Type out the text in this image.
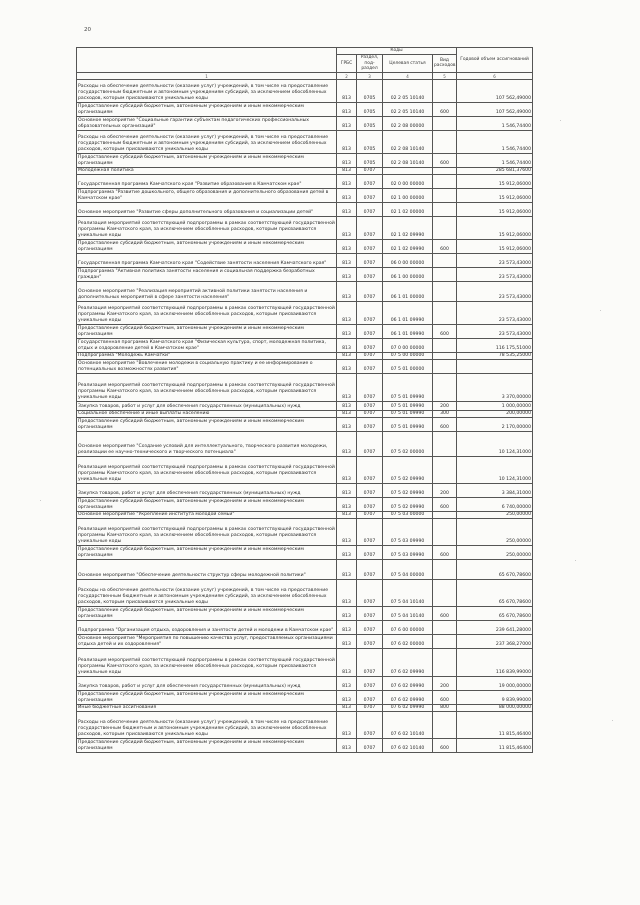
20
	Коды				Годовой объем ассигнований
	ГРБС	Раздел, под-раздел	Целевая статья	Вид расходов	
1	2	3	4	5	6
Расходы на обеспечение деятельности (оказание услуг) учреждений, в том числе на предоставление государственным бюджетным и автономным учреждениям субсидий, за исключением обособленных расходов, которым присваиваются уникальные коды	813	0705	02 2 05 10140		107 562,49000
Предоставление субсидий бюджетным, автономным учреждениям и иным некоммерческим организациям	813	0705	02 2 05 10140	600	107 562,49000
Основное мероприятие "Социальные гарантии субъектам педагогических профессиональных образовательных организаций"	813	0705	02 2 08 00000		1 546,74400
Расходы на обеспечение деятельности (оказание услуг) учреждений, в том числе на предоставление государственным бюджетным и автономным учреждениям субсидий, за исключением обособленных расходов, которым присваиваются уникальные коды	813	0705	02 2 08 10140		1 546,74400
Предоставление субсидий бюджетным, автономным учреждениям и иным некоммерческим организациям	813	0705	02 2 08 10140	600	1 546,74400
Молодежная политика	813	0707			285 681,37600
Государственная программа Камчатского края "Развитие образования в Камчатском крае"	813	0707	02 0 00 00000		15 912,06000
Подпрограмма "Развитие дошкольного, общего образования и дополнительного образования детей в Камчатском крае"	813	0707	02 1 00 00000		15 912,06000
Основное мероприятие "Развитие сферы дополнительного образования и социализации детей"	813	0707	02 1 02 00000		15 912,06000
Реализация мероприятий соответствующей подпрограммы в рамках соответствующей государственной программы Камчатского края, за исключением обособленных расходов, которым присваиваются уникальные коды	813	0707	02 1 02 09990		15 912,06000
Предоставление субсидий бюджетным, автономным учреждениям и иным некоммерческим организациям	813	0707	02 1 02 09990	600	15 912,06000
Государственная программа Камчатского края "Содействие занятости населения Камчатского края"	813	0707	06 0 00 00000		23 573,43000
Подпрограмма "Активная политика занятости населения и социальная поддержка безработных граждан"	813	0707	06 1 00 00000		23 573,43000
Основное мероприятие "Реализация мероприятий активной политики занятости населения и дополнительных мероприятий в сфере занятости населения"	813	0707	06 1 01 00000		23 573,43000
Реализация мероприятий соответствующей подпрограммы в рамках соответствующей государственной программы Камчатского края, за исключением обособленных расходов, которым присваиваются уникальные коды	813	0707	06 1 01 09990		23 573,43000
Предоставление субсидий бюджетным, автономным учреждениям и иным некоммерческим организациям	813	0707	06 1 01 09990	600	23 573,43000
Государственная программа Камчатского края "Физическая культура, спорт, молодежная политика, отдых и оздоровление детей в Камчатском крае"	813	0707	07 0 00 00000		116 175,51000
Подпрограмма "Молодежь Камчатки"	813	0707	07 5 00 00000		78 535,25000
Основное мероприятие "Вовлечение молодежи в социальную практику и ее информирование о потенциальных возможностях развития"	813	0707	07 5 01 00000		
Реализация мероприятий соответствующей подпрограммы в рамках соответствующей государственной программы Камчатского края, за исключением обособленных расходов, которым присваиваются уникальные коды	813	0707	07 5 01 09990		3 370,00000
Закупка товаров, работ и услуг для обеспечения государственных (муниципальных) нужд	813	0707	07 5 01 09990	200	1 000,00000
Социальное обеспечение и иные выплаты населению	813	0707	07 5 01 09990	300	200,00000
Предоставление субсидий бюджетным, автономным учреждениям и иным некоммерческим организациям	813	0707	07 5 01 09990	600	2 170,00000
Основное мероприятие "Создание условий для интеллектуального, творческого развития молодежи, реализации ее научно-технического и творческого потенциала"	813	0707	07 5 02 00000		10 124,31000
Реализация мероприятий соответствующей подпрограммы в рамках соответствующей государственной программы Камчатского края, за исключением обособленных расходов, которым присваиваются уникальные коды	813	0707	07 5 02 09990		10 124,31000
Закупка товаров, работ и услуг для обеспечения государственных (муниципальных) нужд	813	0707	07 5 02 09990	200	3 384,31000
Предоставление субсидий бюджетным, автономным учреждениям и иным некоммерческим организациям	813	0707	07 5 02 09990	600	6 740,00000
Основное мероприятие "Укрепление института молодой семьи"	813	0707	07 5 03 00000		250,00000
Реализация мероприятий соответствующей подпрограммы в рамках соответствующей государственной программы Камчатского края, за исключением обособленных расходов, которым присваиваются уникальные коды	813	0707	07 5 03 09990		250,00000
Предоставление субсидий бюджетным, автономным учреждениям и иным некоммерческим организациям	813	0707	07 5 03 09990	600	250,00000
Основное мероприятие "Обеспечение деятельности структур сферы молодежной политики"	813	0707	07 5 04 00000		65 670,78600
Расходы на обеспечение деятельности (оказание услуг) учреждений, в том числе на предоставление государственным бюджетным и автономным учреждениям субсидий, за исключением обособленных расходов, которым присваиваются уникальные коды	813	0707	07 5 04 10140		65 670,78600
Предоставление субсидий бюджетным, автономным учреждениям и иным некоммерческим организациям	813	0707	07 5 04 10140	600	65 670,78600
Подпрограмма "Организация отдыха, оздоровления и занятости детей и молодежи в Камчатском крае"	813	0707	07 6 00 00000		239 641,28000
Основное мероприятие "Мероприятия по повышению качества услуг, предоставляемых организациями отдыха детей и их оздоровления"	813	0707	07 6 02 00000		237 368,27000
Реализация мероприятий соответствующей подпрограммы в рамках соответствующей государственной программы Камчатского края, за исключением обособленных расходов, которым присваиваются уникальные коды	813	0707	07 6 02 09990		116 839,99000
Закупка товаров, работ и услуг для обеспечения государственных (муниципальных) нужд	813	0707	07 6 02 09990	200	19 000,00000
Предоставление субсидий бюджетным, автономным учреждениям и иным некоммерческим организациям	813	0707	07 6 02 09990	600	9 839,99000
Иные бюджетные ассигнования	813	0707	07 6 02 09990	800	88 000,00000
Расходы на обеспечение деятельности (оказание услуг) учреждений, в том числе на предоставление государственным бюджетным и автономным учреждениям субсидий, за исключением обособленных расходов, которым присваиваются уникальные коды	813	0707	07 6 02 10140		11 815,46400
Предоставление субсидий бюджетным, автономным учреждениям и иным некоммерческим организациям	813	0707	07 6 02 10140	600	11 815,46400
